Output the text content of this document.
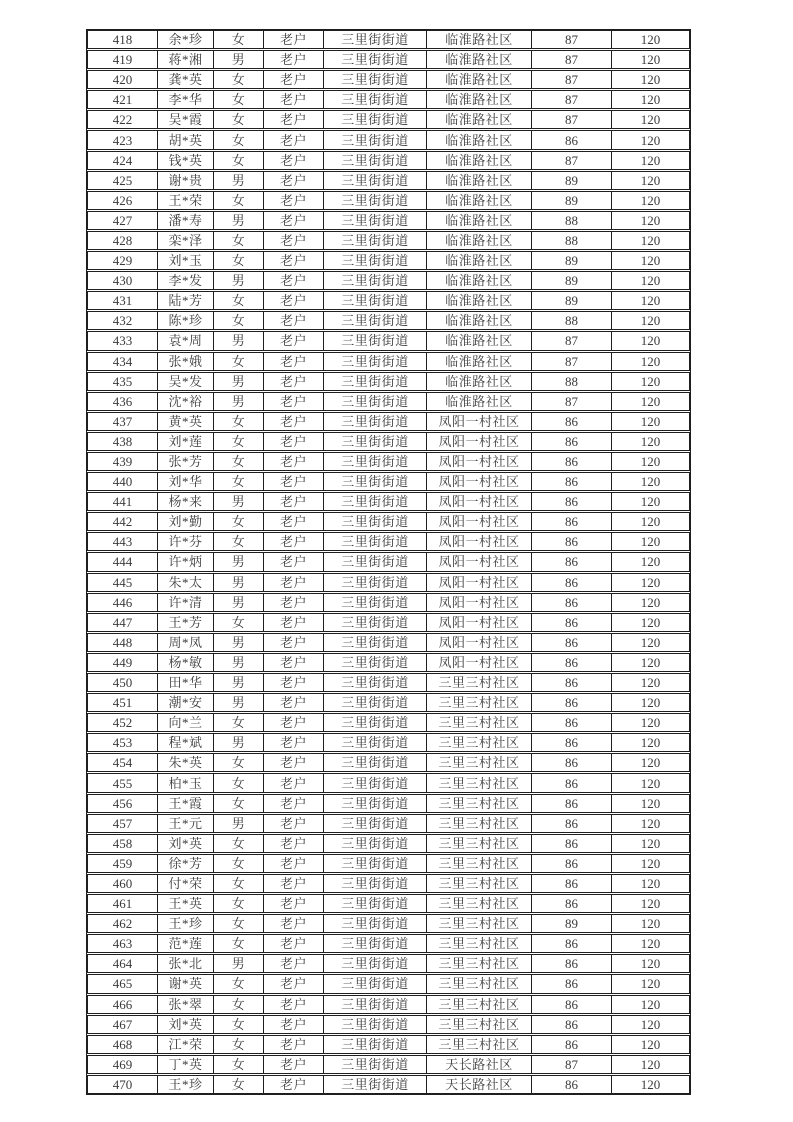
418	余*珍	女	老户	三里街街道	临淮路社区	87	120
419	蒋*湘	男	老户	三里街街道	临淮路社区	87	120
420	龚*英	女	老户	三里街街道	临淮路社区	87	120
421	李*华	女	老户	三里街街道	临淮路社区	87	120
422	吴*霞	女	老户	三里街街道	临淮路社区	87	120
423	胡*英	女	老户	三里街街道	临淮路社区	86	120
424	钱*英	女	老户	三里街街道	临淮路社区	87	120
425	谢*贵	男	老户	三里街街道	临淮路社区	89	120
426	王*荣	女	老户	三里街街道	临淮路社区	89	120
427	潘*寿	男	老户	三里街街道	临淮路社区	88	120
428	栾*泽	女	老户	三里街街道	临淮路社区	88	120
429	刘*玉	女	老户	三里街街道	临淮路社区	89	120
430	李*发	男	老户	三里街街道	临淮路社区	89	120
431	陆*芳	女	老户	三里街街道	临淮路社区	89	120
432	陈*珍	女	老户	三里街街道	临淮路社区	88	120
433	袁*周	男	老户	三里街街道	临淮路社区	87	120
434	张*娥	女	老户	三里街街道	临淮路社区	87	120
435	吴*发	男	老户	三里街街道	临淮路社区	88	120
436	沈*裕	男	老户	三里街街道	临淮路社区	87	120
437	黄*英	女	老户	三里街街道	凤阳一村社区	86	120
438	刘*莲	女	老户	三里街街道	凤阳一村社区	86	120
439	张*芳	女	老户	三里街街道	凤阳一村社区	86	120
440	刘*华	女	老户	三里街街道	凤阳一村社区	86	120
441	杨*来	男	老户	三里街街道	凤阳一村社区	86	120
442	刘*勤	女	老户	三里街街道	凤阳一村社区	86	120
443	许*芬	女	老户	三里街街道	凤阳一村社区	86	120
444	许*炳	男	老户	三里街街道	凤阳一村社区	86	120
445	朱*太	男	老户	三里街街道	凤阳一村社区	86	120
446	许*清	男	老户	三里街街道	凤阳一村社区	86	120
447	王*芳	女	老户	三里街街道	凤阳一村社区	86	120
448	周*凤	男	老户	三里街街道	凤阳一村社区	86	120
449	杨*敏	男	老户	三里街街道	凤阳一村社区	86	120
450	田*华	男	老户	三里街街道	三里三村社区	86	120
451	潮*安	男	老户	三里街街道	三里三村社区	86	120
452	向*兰	女	老户	三里街街道	三里三村社区	86	120
453	程*斌	男	老户	三里街街道	三里三村社区	86	120
454	朱*英	女	老户	三里街街道	三里三村社区	86	120
455	柏*玉	女	老户	三里街街道	三里三村社区	86	120
456	王*霞	女	老户	三里街街道	三里三村社区	86	120
457	王*元	男	老户	三里街街道	三里三村社区	86	120
458	刘*英	女	老户	三里街街道	三里三村社区	86	120
459	徐*芳	女	老户	三里街街道	三里三村社区	86	120
460	付*荣	女	老户	三里街街道	三里三村社区	86	120
461	王*英	女	老户	三里街街道	三里三村社区	86	120
462	王*珍	女	老户	三里街街道	三里三村社区	89	120
463	范*莲	女	老户	三里街街道	三里三村社区	86	120
464	张*北	男	老户	三里街街道	三里三村社区	86	120
465	谢*英	女	老户	三里街街道	三里三村社区	86	120
466	张*翠	女	老户	三里街街道	三里三村社区	86	120
467	刘*英	女	老户	三里街街道	三里三村社区	86	120
468	江*荣	女	老户	三里街街道	三里三村社区	86	120
469	丁*英	女	老户	三里街街道	天长路社区	87	120
470	王*珍	女	老户	三里街街道	天长路社区	86	120
